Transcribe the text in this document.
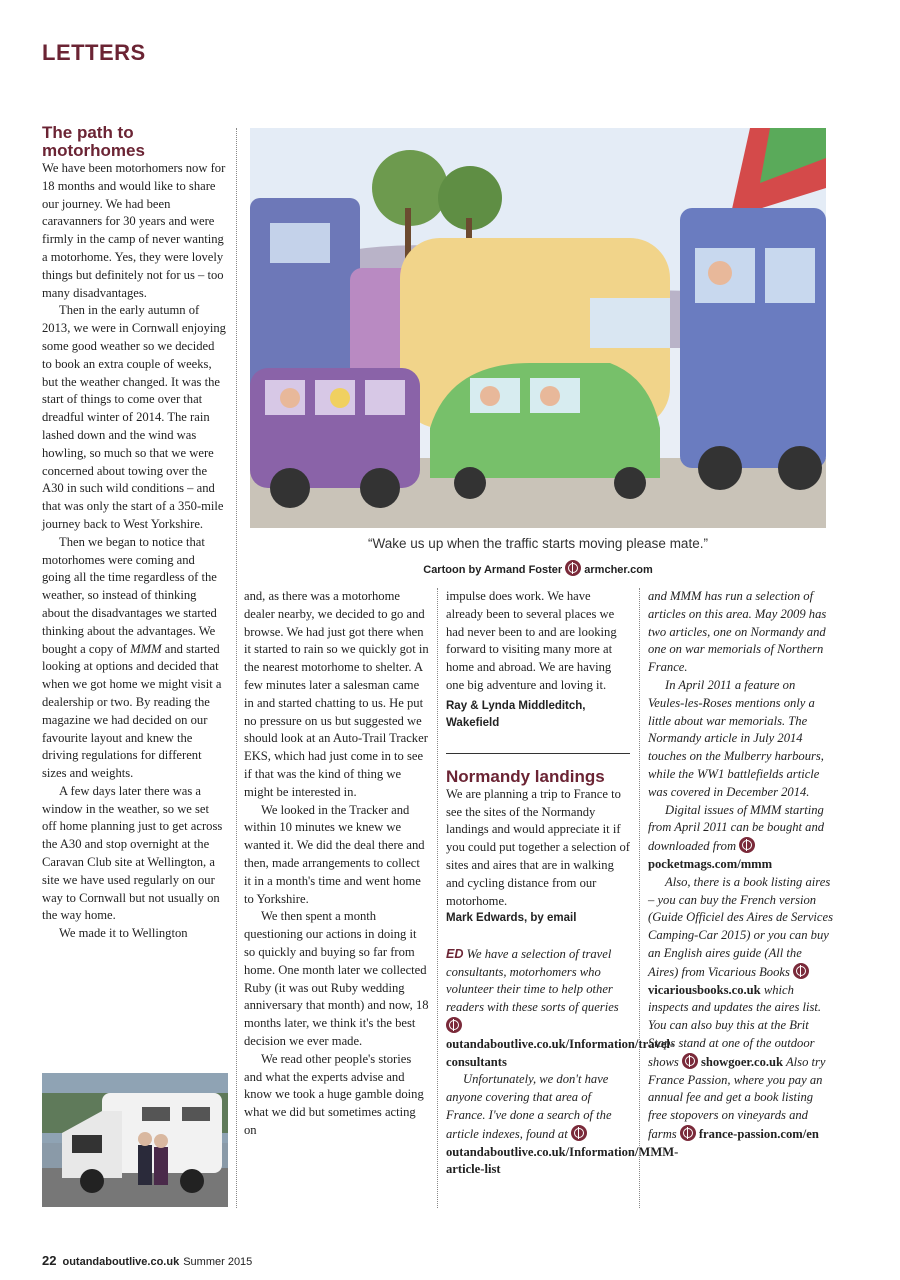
LETTERS
The path to motorhomes

We have been motorhomers now for 18 months and would like to share our journey. We had been caravanners for 30 years and were firmly in the camp of never wanting a motorhome. Yes, they were lovely things but definitely not for us – too many disadvantages.

Then in the early autumn of 2013, we were in Cornwall enjoying some good weather so we decided to book an extra couple of weeks, but the weather changed. It was the start of things to come over that dreadful winter of 2014. The rain lashed down and the wind was howling, so much so that we were concerned about towing over the A30 in such wild conditions – and that was only the start of a 350-mile journey back to West Yorkshire.

Then we began to notice that motorhomes were coming and going all the time regardless of the weather, so instead of thinking about the disadvantages we started thinking about the advantages. We bought a copy of MMM and started looking at options and decided that when we got home we might visit a dealership or two. By reading the magazine we had decided on our favourite layout and knew the driving regulations for different sizes and weights.

A few days later there was a window in the weather, so we set off home planning just to get across the A30 and stop overnight at the Caravan Club site at Wellington, a site we have used regularly on our way to Cornwall but not usually on the way home.

We made it to Wellington

“Wake us up when the traffic starts moving please mate.”
Cartoon by Armand Foster armcher.com

and, as there was a motorhome dealer nearby, we decided to go and browse. We had just got there when it started to rain so we quickly got in the nearest motorhome to shelter. A few minutes later a salesman came in and started chatting to us. He put no pressure on us but suggested we should look at an Auto-Trail Tracker EKS, which had just come in to see if that was the kind of thing we might be interested in.

We looked in the Tracker and within 10 minutes we knew we wanted it. We did the deal there and then, made arrangements to collect it in a month's time and went home to Yorkshire.

We then spent a month questioning our actions in doing it so quickly and buying so far from home. One month later we collected Ruby (it was out Ruby wedding anniversary that month) and now, 18 months later, we think it's the best decision we ever made.

We read other people's stories and what the experts advise and know we took a huge gamble doing what we did but sometimes acting on

impulse does work. We have already been to several places we had never been to and are looking forward to visiting many more at home and abroad. We are having one big adventure and loving it.

Ray & Lynda Middleditch, Wakefield
Normandy landings

We are planning a trip to France to see the sites of the Normandy landings and would appreciate it if you could put together a selection of sites and aires that are in walking and cycling distance from our motorhome.

Mark Edwards, by email

ED We have a selection of travel consultants, motorhomers who volunteer their time to help other readers with these sorts of queries outandaboutlive.co.uk/Information/travel-consultants

Unfortunately, we don't have anyone covering that area of France. I've done a search of the article indexes, found at outandaboutlive.co.uk/Information/MMM-article-list

and MMM has run a selection of articles on this area. May 2009 has two articles, one on Normandy and one on war memorials of Northern France.

In April 2011 a feature on Veules-les-Roses mentions only a little about war memorials. The Normandy article in July 2014 touches on the Mulberry harbours, while the WW1 battlefields article was covered in December 2014.

Digital issues of MMM starting from April 2011 can be bought and downloaded from pocketmags.com/mmm

Also, there is a book listing aires – you can buy the French version (Guide Officiel des Aires de Services Camping-Car 2015) or you can buy an English aires guide (All the Aires) from Vicarious Books vicariousbooks.co.uk which inspects and updates the aires list. You can also buy this at the Brit Stops stand at one of the outdoor shows showgoer.co.uk Also try France Passion, where you pay an annual fee and get a book listing free stopovers on vineyards and farms france-passion.com/en

22 outandaboutlive.co.uk Summer 2015
